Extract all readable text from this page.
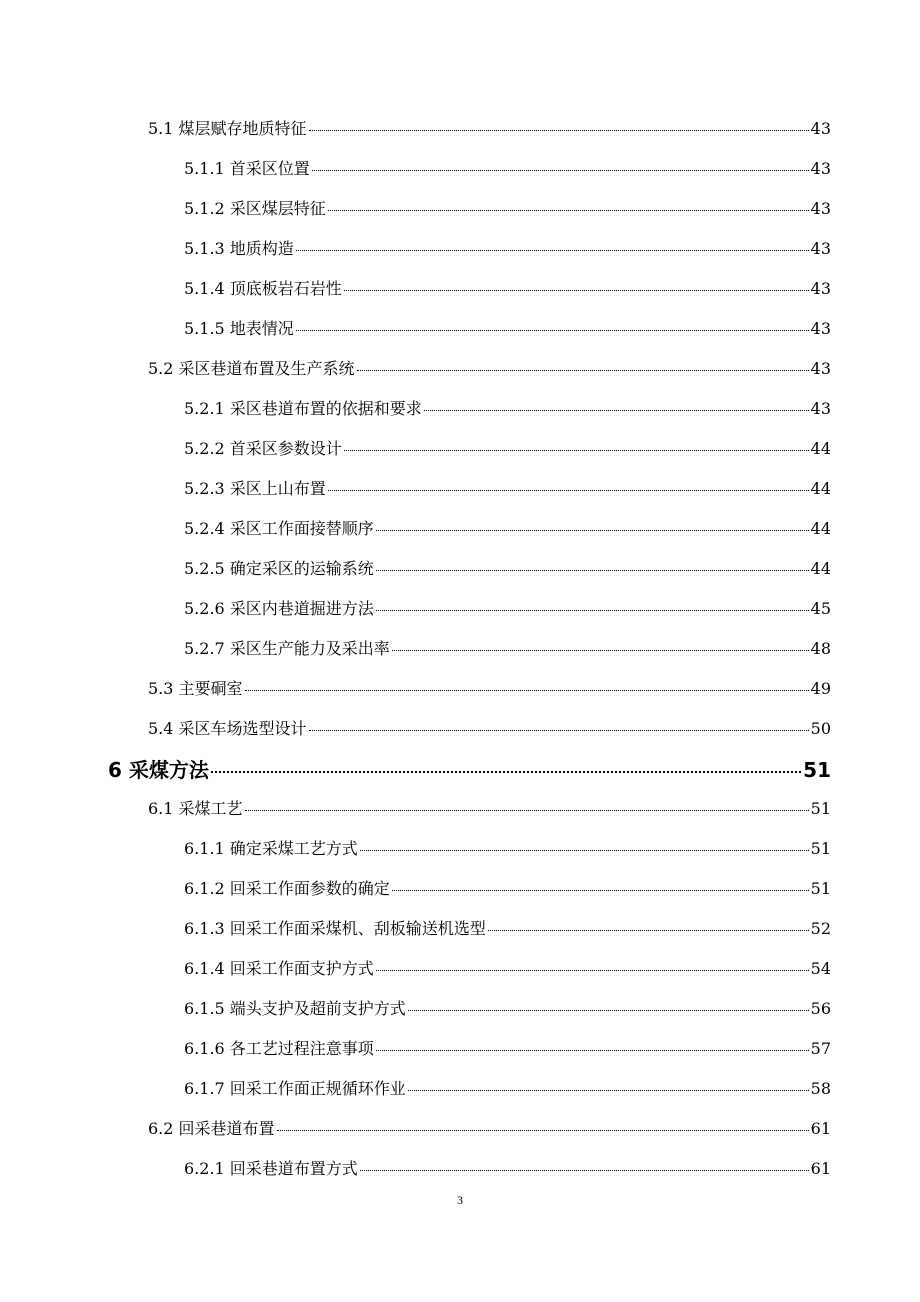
5.1 煤层赋存地质特征	43
5.1.1 首采区位置	43
5.1.2 采区煤层特征	43
5.1.3 地质构造	43
5.1.4 顶底板岩石岩性	43
5.1.5 地表情况	43
5.2 采区巷道布置及生产系统	43
5.2.1 采区巷道布置的依据和要求	43
5.2.2 首采区参数设计	44
5.2.3 采区上山布置	44
5.2.4 采区工作面接替顺序	44
5.2.5 确定采区的运输系统	44
5.2.6 采区内巷道掘进方法	45
5.2.7 采区生产能力及采出率	48
5.3 主要硐室	49
5.4 采区车场选型设计	50
6 采煤方法	51
6.1 采煤工艺	51
6.1.1 确定采煤工艺方式	51
6.1.2 回采工作面参数的确定	51
6.1.3 回采工作面采煤机、刮板输送机选型	52
6.1.4 回采工作面支护方式	54
6.1.5 端头支护及超前支护方式	56
6.1.6 各工艺过程注意事项	57
6.1.7 回采工作面正规循环作业	58
6.2 回采巷道布置	61
6.2.1 回采巷道布置方式	61
3
